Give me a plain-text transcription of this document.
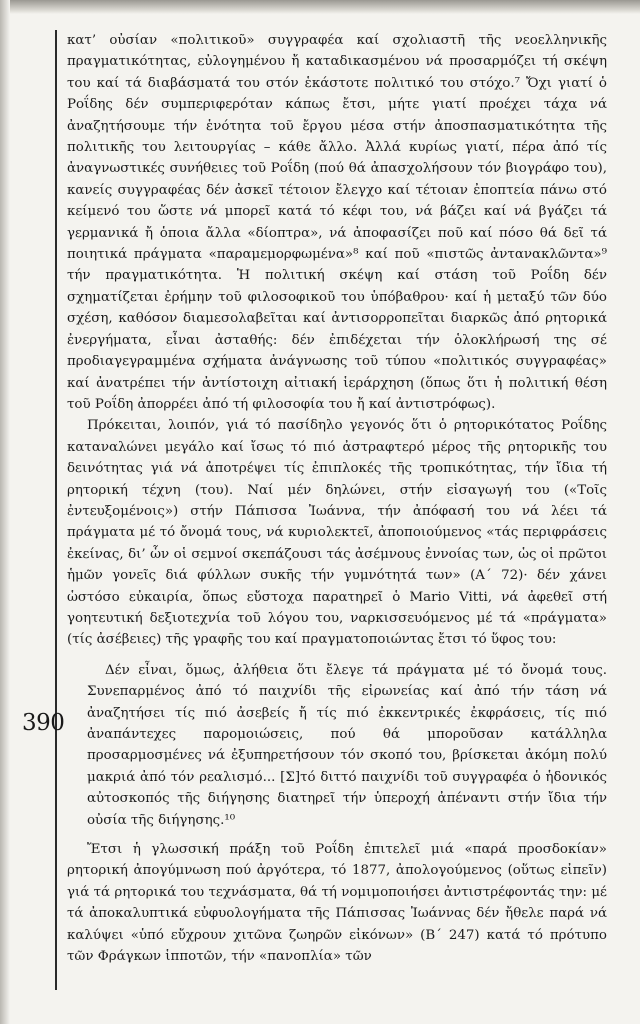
390

κατ’ οὐσίαν «πολιτικοῦ» συγγραφέα καί σχολιαστῆ τῆς νεοελληνικῆς πραγματικότητας, εὐλογημένου ἤ καταδικασμένου νά προσαρμόζει τή σκέψη του καί τά διαβάσματά του στόν ἑκάστοτε πολιτικό του στόχο.⁷ Ὄχι γιατί ὁ Ροΐδης δέν συμπεριφερόταν κάπως ἔτσι, μήτε γιατί προέχει τάχα νά ἀναζητήσουμε τήν ἑνότητα τοῦ ἔργου μέσα στήν ἀποσπασματικότητα τῆς πολιτικῆς του λειτουργίας – κάθε ἄλλο. Ἀλλά κυρίως γιατί, πέρα ἀπό τίς ἀναγνωστικές συνήθειες τοῦ Ροΐδη (πού θά ἀπασχολήσουν τόν βιογράφο του), κανείς συγγραφέας δέν ἀσκεῖ τέτοιον ἔλεγχο καί τέτοιαν ἐποπτεία πάνω στό κείμενό του ὥστε νά μπορεῖ κατά τό κέφι του, νά βάζει καί νά βγάζει τά γερμανικά ἤ ὁποια ἄλλα «δίοπτρα», νά ἀποφασίζει ποῦ καί πόσο θά δεῖ τά ποιητικά πράγματα «παραμεμορφωμένα»⁸ καί ποῦ «πιστῶς ἀντανακλῶντα»⁹ τήν πραγματικότητα. Ἡ πολιτική σκέψη καί στάση τοῦ Ροΐδη δέν σχηματίζεται ἐρήμην τοῦ φιλοσοφικοῦ του ὑπόβαθρου· καί ἡ μεταξύ τῶν δύο σχέση, καθόσον διαμεσολαβεῖται καί ἀντισορροπεῖται διαρκῶς ἀπό ρητορικά ἐνεργήματα, εἶναι ἀσταθής: δέν ἐπιδέχεται τήν ὁλοκλήρωσή της σέ προδιαγεγραμμένα σχήματα ἀνάγνωσης τοῦ τύπου «πολιτικός συγγραφέας» καί ἀνατρέπει τήν ἀντίστοιχη αἰτιακή ἱεράρχηση (ὅπως ὅτι ἡ πολιτική θέση τοῦ Ροΐδη ἀπορρέει ἀπό τή φιλοσοφία του ἤ καί ἀντιστρόφως).

Πρόκειται, λοιπόν, γιά τό πασίδηλο γεγονός ὅτι ὁ ρητορικότατος Ροΐδης καταναλώνει μεγάλο καί ἴσως τό πιό ἀστραφτερό μέρος τῆς ρητορικῆς του δεινότητας γιά νά ἀποτρέψει τίς ἐπιπλοκές τῆς τροπικότητας, τήν ἴδια τή ρητορική τέχνη (του). Ναί μέν δηλώνει, στήν εἰσαγωγή του («Τοῖς ἐντευξομένοις») στήν Πάπισσα Ἰωάννα, τήν ἀπόφασή του νά λέει τά πράγματα μέ τό ὄνομά τους, νά κυριολεκτεῖ, ἀποποιούμενος «τάς περιφράσεις ἐκείνας, δι’ ὧν οἱ σεμνοί σκεπάζουσι τάς ἀσέμνους ἐννοίας των, ὡς οἱ πρῶτοι ἡμῶν γονεῖς διά φύλλων συκῆς τήν γυμνότητά των» (Α΄ 72)· δέν χάνει ὡστόσο εὐκαιρία, ὅπως εὔστοχα παρατηρεῖ ὁ Mario Vitti, νά ἀφεθεῖ στή γοητευτική δεξιοτεχνία τοῦ λόγου του, ναρκισσευόμενος μέ τά «πράγματα» (τίς ἀσέβειες) τῆς γραφῆς του καί πραγματοποιώντας ἔτσι τό ὕφος του:

Δέν εἶναι, ὅμως, ἀλήθεια ὅτι ἔλεγε τά πράγματα μέ τό ὄνομά τους. Συνεπαρμένος ἀπό τό παιχνίδι τῆς εἰρωνείας καί ἀπό τήν τάση νά ἀναζητήσει τίς πιό ἀσεβείς ἤ τίς πιό ἐκκεντρικές ἐκφράσεις, τίς πιό ἀναπάντεχες παρομοιώσεις, πού θά μποροῦσαν κατάλληλα προσαρμοσμένες νά ἐξυπηρετήσουν τόν σκοπό του, βρίσκεται ἀκόμη πολύ μακριά ἀπό τόν ρεαλισμό... [Σ]τό διττό παιχνίδι τοῦ συγγραφέα ὁ ἡδονικός αὐτοσκοπός τῆς διήγησης διατηρεῖ τήν ὑπεροχή ἀπέναντι στήν ἴδια τήν οὐσία τῆς διήγησης.¹⁰

Ἔτσι ἡ γλωσσική πράξη τοῦ Ροΐδη ἐπιτελεῖ μιά «παρά προσδοκίαν» ρητορική ἀπογύμνωση πού ἀργότερα, τό 1877, ἀπολογούμενος (οὕτως εἰπεῖν) γιά τά ρητορικά του τεχνάσματα, θά τή νομιμοποιήσει ἀντιστρέφοντάς την: μέ τά ἀποκαλυπτικά εὐφυολογήματα τῆς Πάπισσας Ἰωάννας δέν ἤθελε παρά νά καλύψει «ὑπό εὔχρουν χιτῶνα ζωηρῶν εἰκόνων» (Β΄ 247) κατά τό πρότυπο τῶν Φράγκων ἱπποτῶν, τήν «πανοπλία» τῶν
